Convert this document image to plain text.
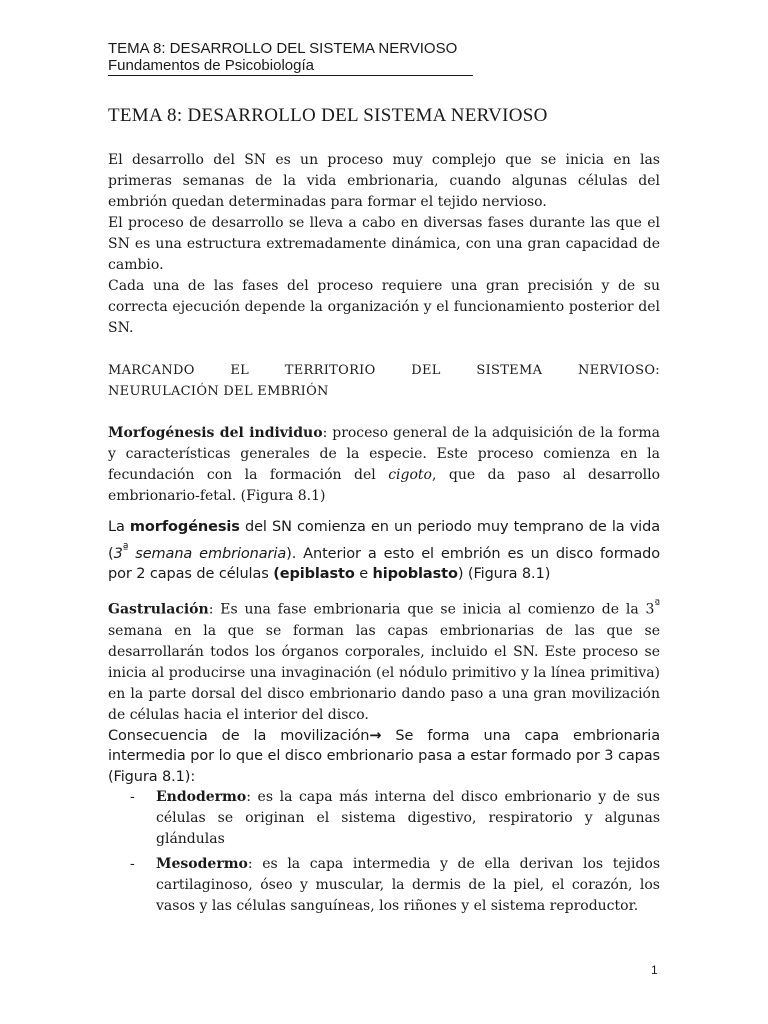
TEMA 8: DESARROLLO DEL SISTEMA NERVIOSO
Fundamentos de Psicobiología
TEMA 8: DESARROLLO DEL SISTEMA NERVIOSO

El desarrollo del SN es un proceso muy complejo que se inicia en las primeras semanas de la vida embrionaria, cuando algunas células del embrión quedan determinadas para formar el tejido nervioso.

El proceso de desarrollo se lleva a cabo en diversas fases durante las que el SN es una estructura extremadamente dinámica, con una gran capacidad de cambio.

Cada una de las fases del proceso requiere una gran precisión y de su correcta ejecución depende la organización y el funcionamiento posterior del SN.

MARCANDO	EL	TERRITORIO	DEL	SISTEMA	NERVIOSO:
NEURULACIÓN DEL EMBRIÓN

Morfogénesis del individuo: proceso general de la adquisición de la forma y características generales de la especie. Este proceso comienza en la fecundación con la formación del cigoto, que da paso al desarrollo embrionario-fetal. (Figura 8.1)

La morfogénesis del SN comienza en un periodo muy temprano de la vida ($3^ª$ semana embrionaria). Anterior a esto el embrión es un disco formado por 2 capas de células (epiblasto e hipoblasto) (Figura 8.1)

Gastrulación: Es una fase embrionaria que se inicia al comienzo de la $3^ª$ semana en la que se forman las capas embrionarias de las que se desarrollarán todos los órganos corporales, incluido el SN. Este proceso se inicia al producirse una invaginación (el nódulo primitivo y la línea primitiva) en la parte dorsal del disco embrionario dando paso a una gran movilización de células hacia el interior del disco.

Consecuencia de la movilización→ Se forma una capa embrionaria intermedia por lo que el disco embrionario pasa a estar formado por 3 capas (Figura 8.1):

- Endodermo: es la capa más interna del disco embrionario y de sus células se originan el sistema digestivo, respiratorio y algunas glándulas
- Mesodermo: es la capa intermedia y de ella derivan los tejidos cartilaginoso, óseo y muscular, la dermis de la piel, el corazón, los vasos y las células sanguíneas, los riñones y el sistema reproductor.
1
